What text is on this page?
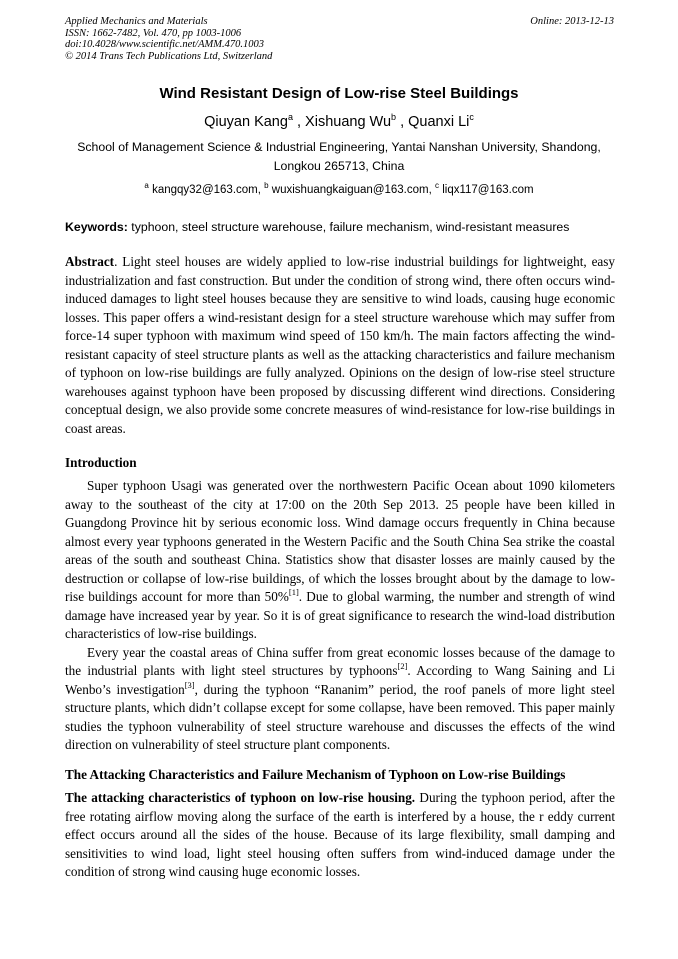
Applied Mechanics and Materials
ISSN: 1662-7482, Vol. 470, pp 1003-1006
doi:10.4028/www.scientific.net/AMM.470.1003
© 2014 Trans Tech Publications Ltd, Switzerland
Online: 2013-12-13
Wind Resistant Design of Low-rise Steel Buildings
Qiuyan Kang$^a$ , Xishuang Wu$^b$ , Quanxi Li$^c$
School of Management Science & Industrial Engineering, Yantai Nanshan University, Shandong,
Longkou 265713, China
$^a$ kangqy32@163.com, $^b$ wuxishuangkaiguan@163.com, $^c$ liqx117@163.com
Keywords: typhoon, steel structure warehouse, failure mechanism, wind-resistant measures

Abstract. Light steel houses are widely applied to low-rise industrial buildings for lightweight, easy industrialization and fast construction. But under the condition of strong wind, there often occurs wind-induced damages to light steel houses because they are sensitive to wind loads, causing huge economic losses. This paper offers a wind-resistant design for a steel structure warehouse which may suffer from force-14 super typhoon with maximum wind speed of 150 km/h. The main factors affecting the wind-resistant capacity of steel structure plants as well as the attacking characteristics and failure mechanism of typhoon on low-rise buildings are fully analyzed. Opinions on the design of low-rise steel structure warehouses against typhoon have been proposed by discussing different wind directions. Considering conceptual design, we also provide some concrete measures of wind-resistance for low-rise buildings in coast areas.

Introduction

Super typhoon Usagi was generated over the northwestern Pacific Ocean about 1090 kilometers away to the southeast of the city at 17:00 on the 20th Sep 2013. 25 people have been killed in Guangdong Province hit by serious economic loss. Wind damage occurs frequently in China because almost every year typhoons generated in the Western Pacific and the South China Sea strike the coastal areas of the south and southeast China. Statistics show that disaster losses are mainly caused by the destruction or collapse of low-rise buildings, of which the losses brought about by the damage to low-rise buildings account for more than 50%[1]. Due to global warming, the number and strength of wind damage have increased year by year. So it is of great significance to research the wind-load distribution characteristics of low-rise buildings.

Every year the coastal areas of China suffer from great economic losses because of the damage to the industrial plants with light steel structures by typhoons[2]. According to Wang Saining and Li Wenbo’s investigation[3], during the typhoon “Rananim” period, the roof panels of more light steel structure plants, which didn’t collapse except for some collapse, have been removed. This paper mainly studies the typhoon vulnerability of steel structure warehouse and discusses the effects of the wind direction on vulnerability of steel structure plant components.

The Attacking Characteristics and Failure Mechanism of Typhoon on Low-rise Buildings

The attacking characteristics of typhoon on low-rise housing. During the typhoon period, after the free rotating airflow moving along the surface of the earth is interfered by a house, the r eddy current effect occurs around all the sides of the house. Because of its large flexibility, small damping and sensitivities to wind load, light steel housing often suffers from wind-induced damage under the condition of strong wind causing huge economic losses.
